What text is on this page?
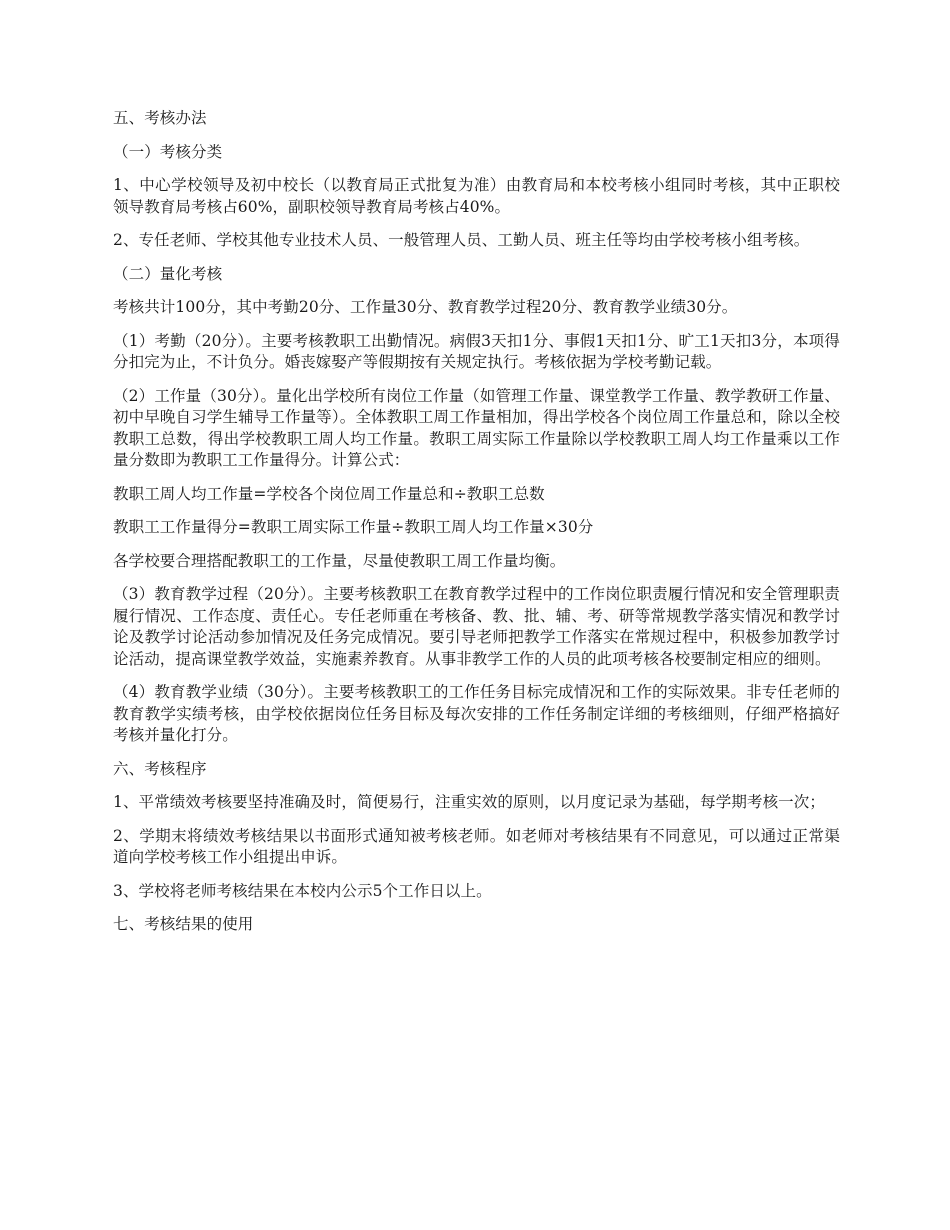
五、考核办法

（一）考核分类

1、中心学校领导及初中校长（以教育局正式批复为准）由教育局和本校考核小组同时考核，其中正职校领导教育局考核占60%，副职校领导教育局考核占40%。

2、专任老师、学校其他专业技术人员、一般管理人员、工勤人员、班主任等均由学校考核小组考核。

（二）量化考核

考核共计100分，其中考勤20分、工作量30分、教育教学过程20分、教育教学业绩30分。

（1）考勤（20分）。主要考核教职工出勤情况。病假3天扣1分、事假1天扣1分、旷工1天扣3分，本项得分扣完为止，不计负分。婚丧嫁娶产等假期按有关规定执行。考核依据为学校考勤记载。

（2）工作量（30分）。量化出学校所有岗位工作量（如管理工作量、课堂教学工作量、教学教研工作量、初中早晚自习学生辅导工作量等）。全体教职工周工作量相加，得出学校各个岗位周工作量总和，除以全校教职工总数，得出学校教职工周人均工作量。教职工周实际工作量除以学校教职工周人均工作量乘以工作量分数即为教职工工作量得分。计算公式：

教职工周人均工作量=学校各个岗位周工作量总和÷教职工总数

教职工工作量得分=教职工周实际工作量÷教职工周人均工作量×30分

各学校要合理搭配教职工的工作量，尽量使教职工周工作量均衡。

（3）教育教学过程（20分）。主要考核教职工在教育教学过程中的工作岗位职责履行情况和安全管理职责履行情况、工作态度、责任心。专任老师重在考核备、教、批、辅、考、研等常规教学落实情况和教学讨论及教学讨论活动参加情况及任务完成情况。要引导老师把教学工作落实在常规过程中，积极参加教学讨论活动，提高课堂教学效益，实施素养教育。从事非教学工作的人员的此项考核各校要制定相应的细则。

（4）教育教学业绩（30分）。主要考核教职工的工作任务目标完成情况和工作的实际效果。非专任老师的教育教学实绩考核，由学校依据岗位任务目标及每次安排的工作任务制定详细的考核细则，仔细严格搞好考核并量化打分。

六、考核程序

1、平常绩效考核要坚持准确及时，简便易行，注重实效的原则，以月度记录为基础，每学期考核一次；

2、学期末将绩效考核结果以书面形式通知被考核老师。如老师对考核结果有不同意见，可以通过正常渠道向学校考核工作小组提出申诉。

3、学校将老师考核结果在本校内公示5个工作日以上。

七、考核结果的使用
